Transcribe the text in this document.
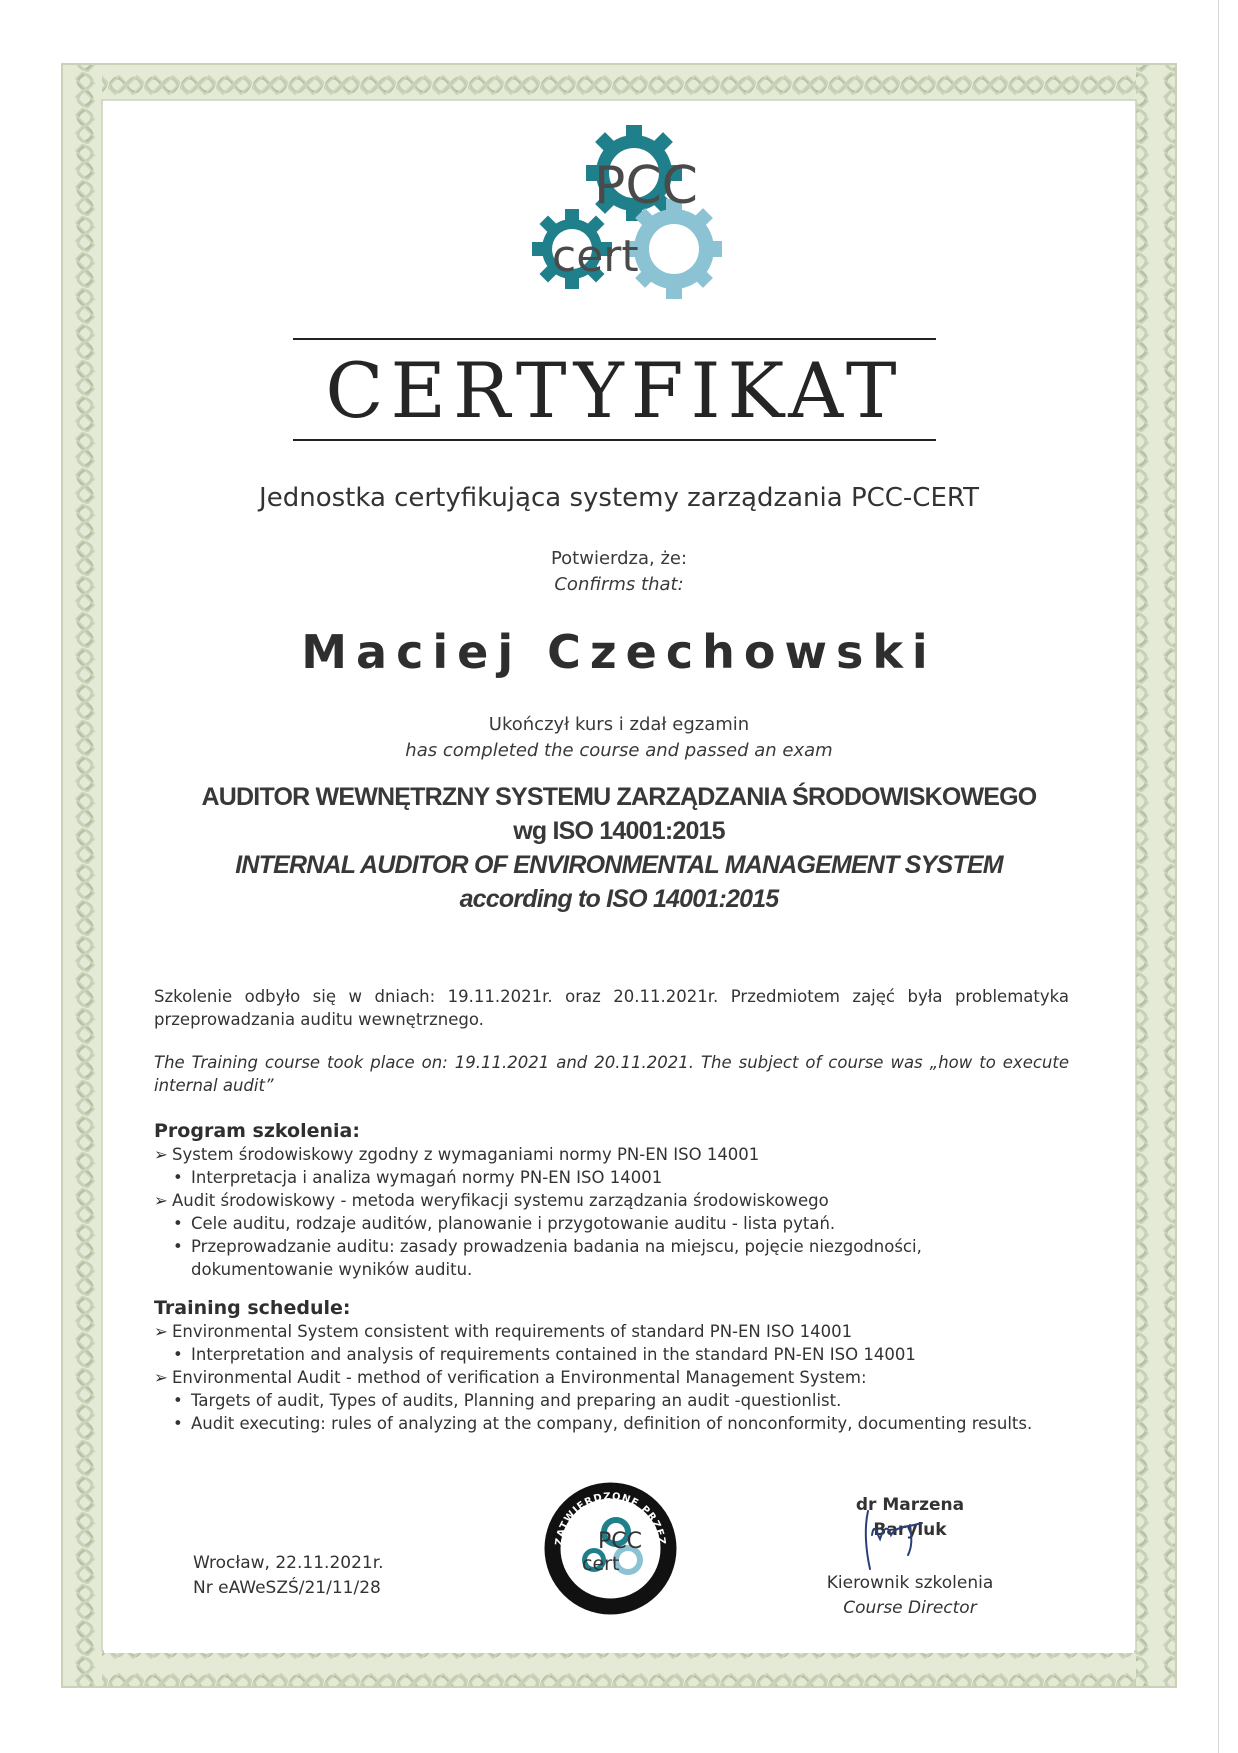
PCC
cert
CERTYFIKAT
Jednostka certyfikująca systemy zarządzania PCC-CERT
Potwierdza, że:
Confirms that:
Maciej Czechowski
Ukończył kurs i zdał egzamin
has completed the course and passed an exam
AUDITOR WEWNĘTRZNY SYSTEMU ZARZĄDZANIA ŚRODOWISKOWEGO
wg ISO 14001:2015
INTERNAL AUDITOR OF ENVIRONMENTAL MANAGEMENT SYSTEM
according to ISO 14001:2015
Szkolenie odbyło się w dniach: 19.11.2021r. oraz 20.11.2021r. Przedmiotem zajęć była problematyka przeprowadzania auditu wewnętrznego.
The Training course took place on: 19.11.2021 and 20.11.2021. The subject of course was „how to execute internal audit”
Program szkolenia:
➢ System środowiskowy zgodny z wymaganiami normy PN-EN ISO 14001
• Interpretacja i analiza wymagań normy PN-EN ISO 14001
➢ Audit środowiskowy - metoda weryfikacji systemu zarządzania środowiskowego
• Cele auditu, rodzaje auditów, planowanie i przygotowanie auditu - lista pytań.
• Przeprowadzanie auditu: zasady prowadzenia badania na miejscu, pojęcie niezgodności, dokumentowanie wyników auditu.
Training schedule:
➢ Environmental System consistent with requirements of standard PN-EN ISO 14001
• Interpretation and analysis of requirements contained in the standard PN-EN ISO 14001
➢ Environmental Audit - method of verification a Environmental Management System:
• Targets of audit, Types of audits, Planning and preparing an audit -questionlist.
• Audit executing: rules of analyzing at the company, definition of nonconformity, documenting results.
Wrocław, 22.11.2021r.
Nr eAWeSZŚ/21/11/28
ZATWIERDZONE PRZEZ
PCC-CERT
PCC
cert
dr Marzena Baryluk
Kierownik szkolenia
Course Director
